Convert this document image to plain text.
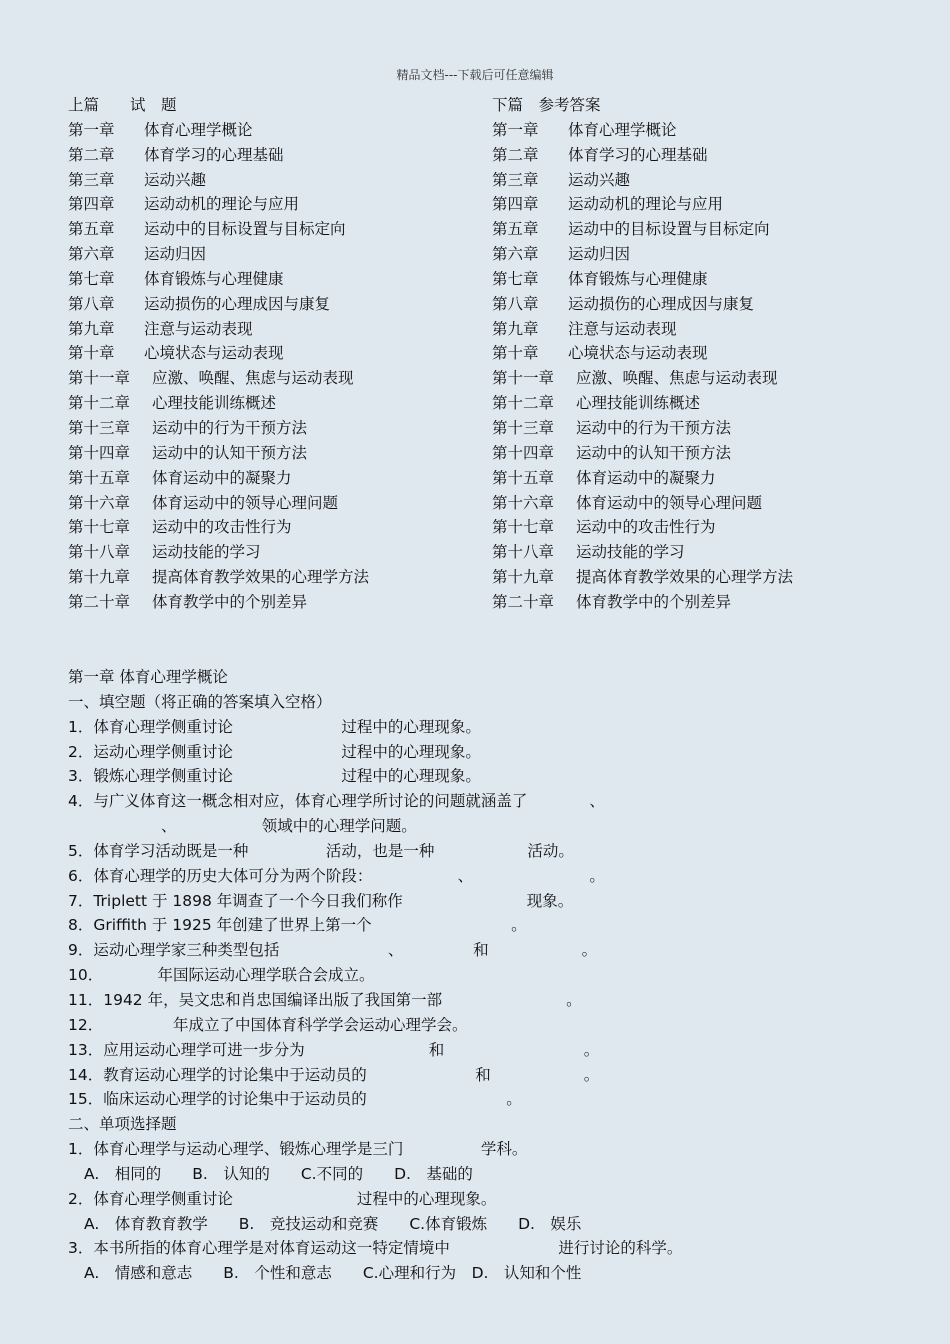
精品文档---下载后可任意编辑
上篇　　试　题
第一章 体育心理学概论
第二章 体育学习的心理基础
第三章 运动兴趣
第四章 运动动机的理论与应用
第五章 运动中的目标设置与目标定向
第六章 运动归因
第七章 体育锻炼与心理健康
第八章 运动损伤的心理成因与康复
第九章 注意与运动表现
第十章 心境状态与运动表现
第十一章 应激、唤醒、焦虑与运动表现
第十二章 心理技能训练概述
第十三章 运动中的行为干预方法
第十四章 运动中的认知干预方法
第十五章 体育运动中的凝聚力
第十六章 体育运动中的领导心理问题
第十七章 运动中的攻击性行为
第十八章 运动技能的学习
第十九章 提高体育教学效果的心理学方法
第二十章 体育教学中的个别差异
下篇　参考答案
第一章 体育心理学概论
第二章 体育学习的心理基础
第三章 运动兴趣
第四章 运动动机的理论与应用
第五章 运动中的目标设置与目标定向
第六章 运动归因
第七章 体育锻炼与心理健康
第八章 运动损伤的心理成因与康复
第九章 注意与运动表现
第十章 心境状态与运动表现
第十一章 应激、唤醒、焦虑与运动表现
第十二章 心理技能训练概述
第十三章 运动中的行为干预方法
第十四章 运动中的认知干预方法
第十五章 体育运动中的凝聚力
第十六章 体育运动中的领导心理问题
第十七章 运动中的攻击性行为
第十八章 运动技能的学习
第十九章 提高体育教学效果的心理学方法
第二十章 体育教学中的个别差异
第一章 体育心理学概论
一、填空题（将正确的答案填入空格）
1．体育心理学侧重讨论　　　　　　　过程中的心理现象。
2．运动心理学侧重讨论　　　　　　　过程中的心理现象。
3．锻炼心理学侧重讨论　　　　　　　过程中的心理现象。
4．与广义体育这一概念相对应，体育心理学所讨论的问题就涵盖了　　　　、
　　　　　　、　　　　　　领域中的心理学问题。
5．体育学习活动既是一种　　　　　活动，也是一种　　　　　　活动。
6．体育心理学的历史大体可分为两个阶段：　　　　　　、　　　　　　　　。
7．Triplett 于 1898 年调查了一个今日我们称作　　　　　　　　现象。
8．Griffith 于 1925 年创建了世界上第一个　　　　　　　　　。
9．运动心理学家三种类型包括　　　　　　　、　　　　　和　　　　　　。
10．　　　　年国际运动心理学联合会成立。
11．1942 年，吴文忠和肖忠国编译出版了我国第一部　　　　　　　　。
12．　　　　　年成立了中国体育科学学会运动心理学会。
13．应用运动心理学可进一步分为　　　　　　　　和　　　　　　　　　。
14．教育运动心理学的讨论集中于运动员的　　　　　　　和　　　　　　。
15．临床运动心理学的讨论集中于运动员的　　　　　　　　　。
二、单项选择题
1．体育心理学与运动心理学、锻炼心理学是三门　　　　　学科。
A.　相同的　　B.　认知的　　C.不同的　　D.　基础的
2．体育心理学侧重讨论　　　　　　　　过程中的心理现象。
A.　体育教育教学　　B.　竞技运动和竞赛　　C.体育锻炼　　D.　娱乐
3．本书所指的体育心理学是对体育运动这一特定情境中　　　　　　　进行讨论的科学。
A.　情感和意志　　B.　个性和意志　　C.心理和行为　D.　认知和个性
